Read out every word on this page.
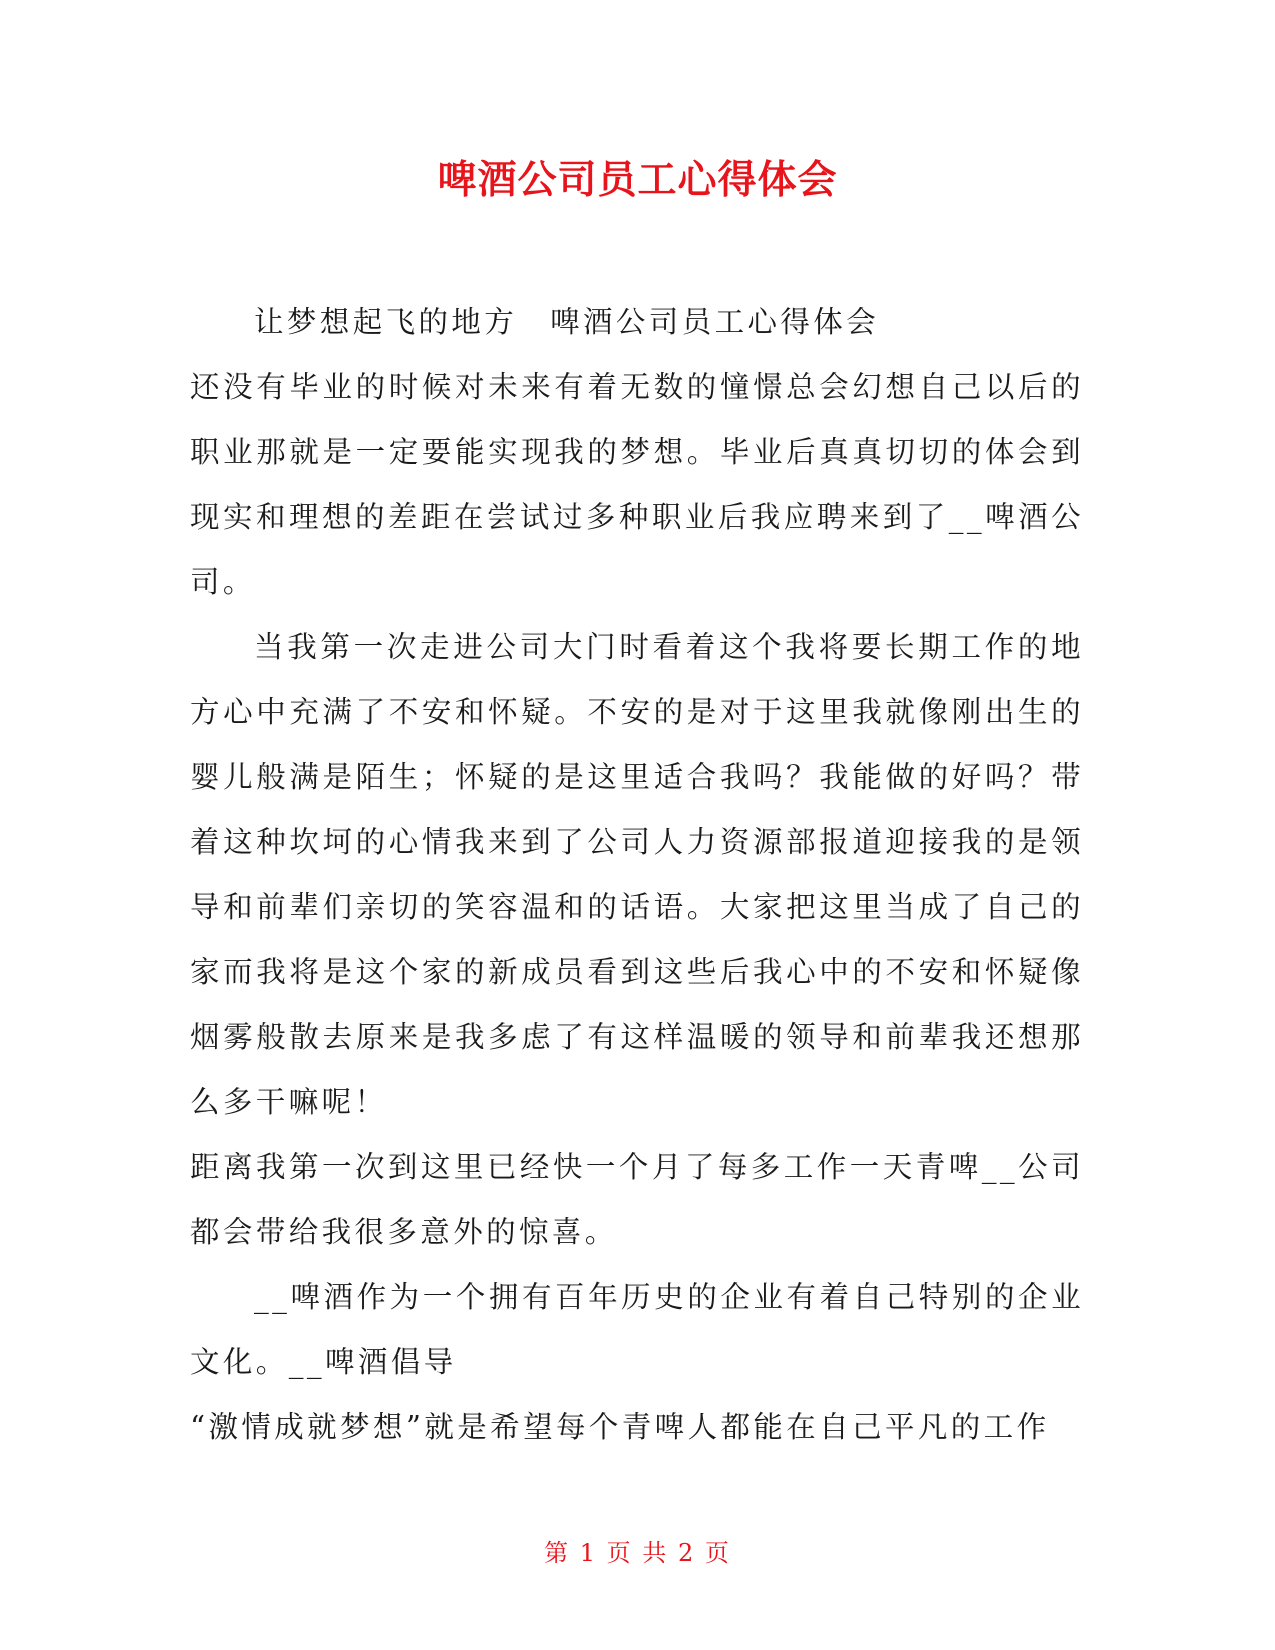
啤酒公司员工心得体会

让梦想起飞的地方　啤酒公司员工心得体会

还没有毕业的时候对未来有着无数的憧憬总会幻想自己以后的职业那就是一定要能实现我的梦想。毕业后真真切切的体会到现实和理想的差距在尝试过多种职业后我应聘来到了__啤酒公司。

当我第一次走进公司大门时看着这个我将要长期工作的地方心中充满了不安和怀疑。不安的是对于这里我就像刚出生的婴儿般满是陌生；怀疑的是这里适合我吗？我能做的好吗？带着这种坎坷的心情我来到了公司人力资源部报道迎接我的是领导和前辈们亲切的笑容温和的话语。大家把这里当成了自己的家而我将是这个家的新成员看到这些后我心中的不安和怀疑像烟雾般散去原来是我多虑了有这样温暖的领导和前辈我还想那么多干嘛呢！

距离我第一次到这里已经快一个月了每多工作一天青啤__公司都会带给我很多意外的惊喜。

__啤酒作为一个拥有百年历史的企业有着自己特别的企业文化。__啤酒倡导

“激情成就梦想”就是希望每个青啤人都能在自己平凡的工作

第 1 页 共 2 页
